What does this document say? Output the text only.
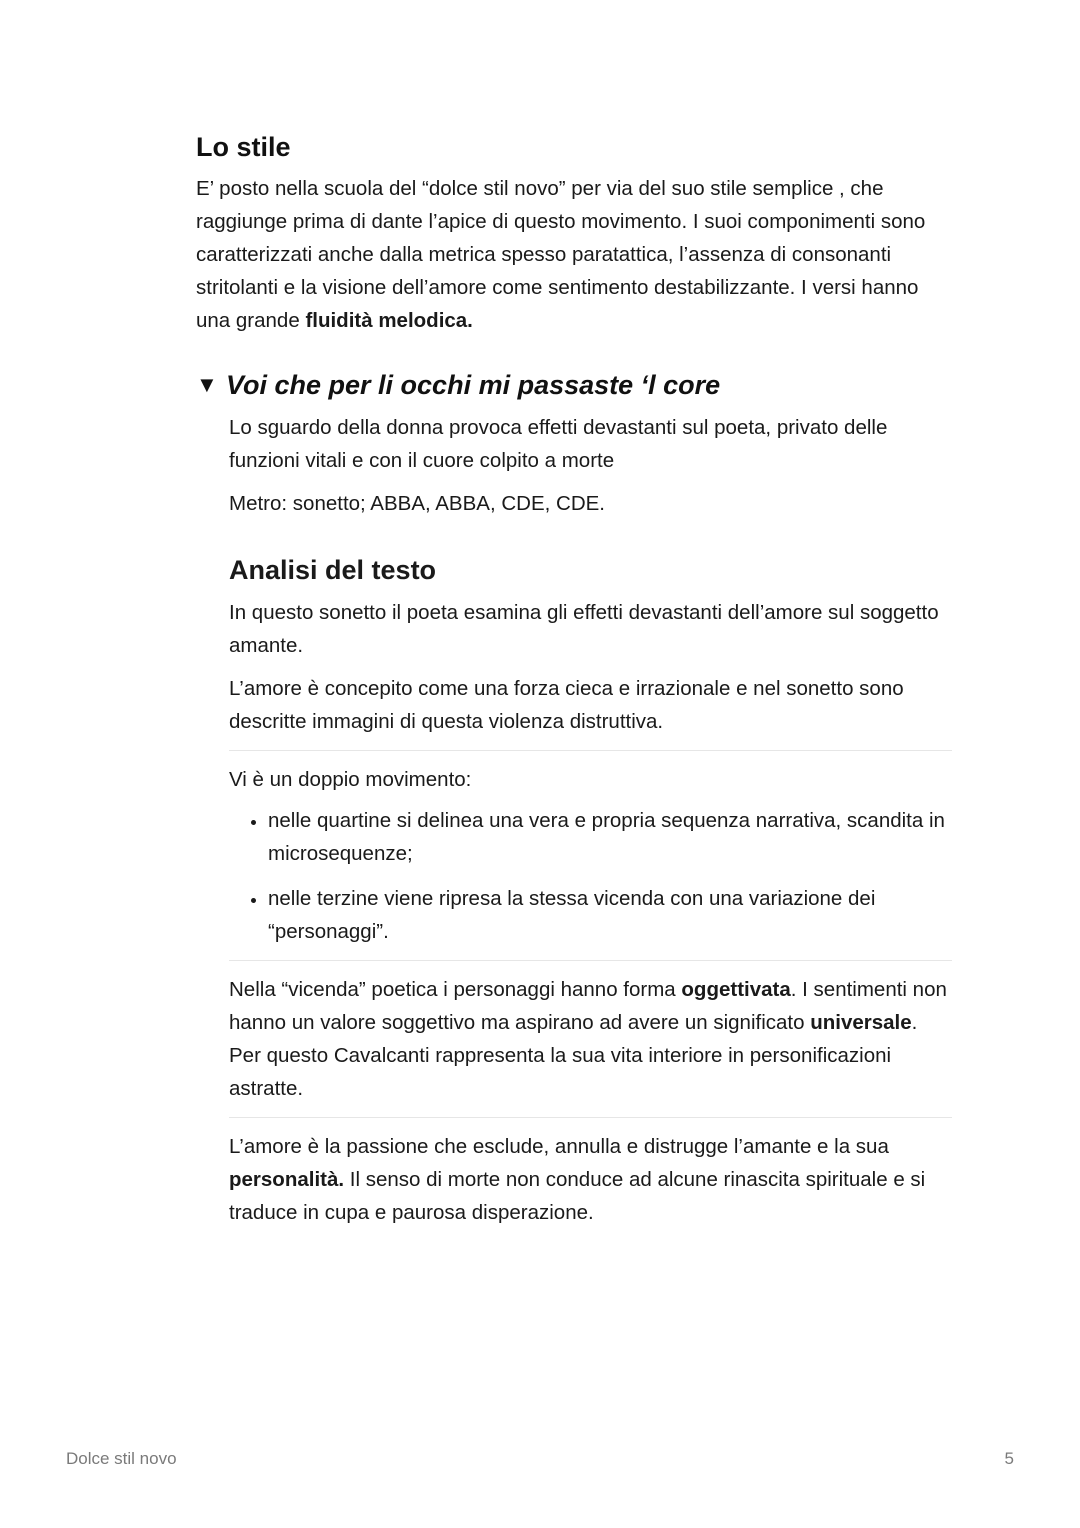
Lo stile

E’ posto nella scuola del “dolce stil novo” per via del suo stile semplice , che raggiunge prima di dante l’apice di questo movimento. I suoi componimenti sono caratterizzati anche dalla metrica spesso paratattica, l’assenza di consonanti stritolanti e la visione dell’amore come sentimento destabilizzante. I versi hanno una grande fluidità melodica.

▼ Voi che per li occhi mi passaste ‘l core

Lo sguardo della donna provoca effetti devastanti sul poeta, privato delle funzioni vitali e con il cuore colpito a morte

Metro: sonetto; ABBA, ABBA, CDE, CDE.

Analisi del testo

In questo sonetto il poeta esamina gli effetti devastanti dell’amore sul soggetto amante.

L’amore è concepito come una forza cieca e irrazionale e nel sonetto sono descritte immagini di questa violenza distruttiva.

Vi è un doppio movimento:

• nelle quartine si delinea una vera e propria sequenza narrativa, scandita in microsequenze;
• nelle terzine viene ripresa la stessa vicenda con una variazione dei “personaggi”.

Nella “vicenda” poetica i personaggi hanno forma oggettivata. I sentimenti non hanno un valore soggettivo ma aspirano ad avere un significato universale. Per questo Cavalcanti rappresenta la sua vita interiore in personificazioni astratte.

L’amore è la passione che esclude, annulla e distrugge l’amante e la sua personalità. Il senso di morte non conduce ad alcune rinascita spirituale e si traduce in cupa e paurosa disperazione.

Dolce stil novo	5
